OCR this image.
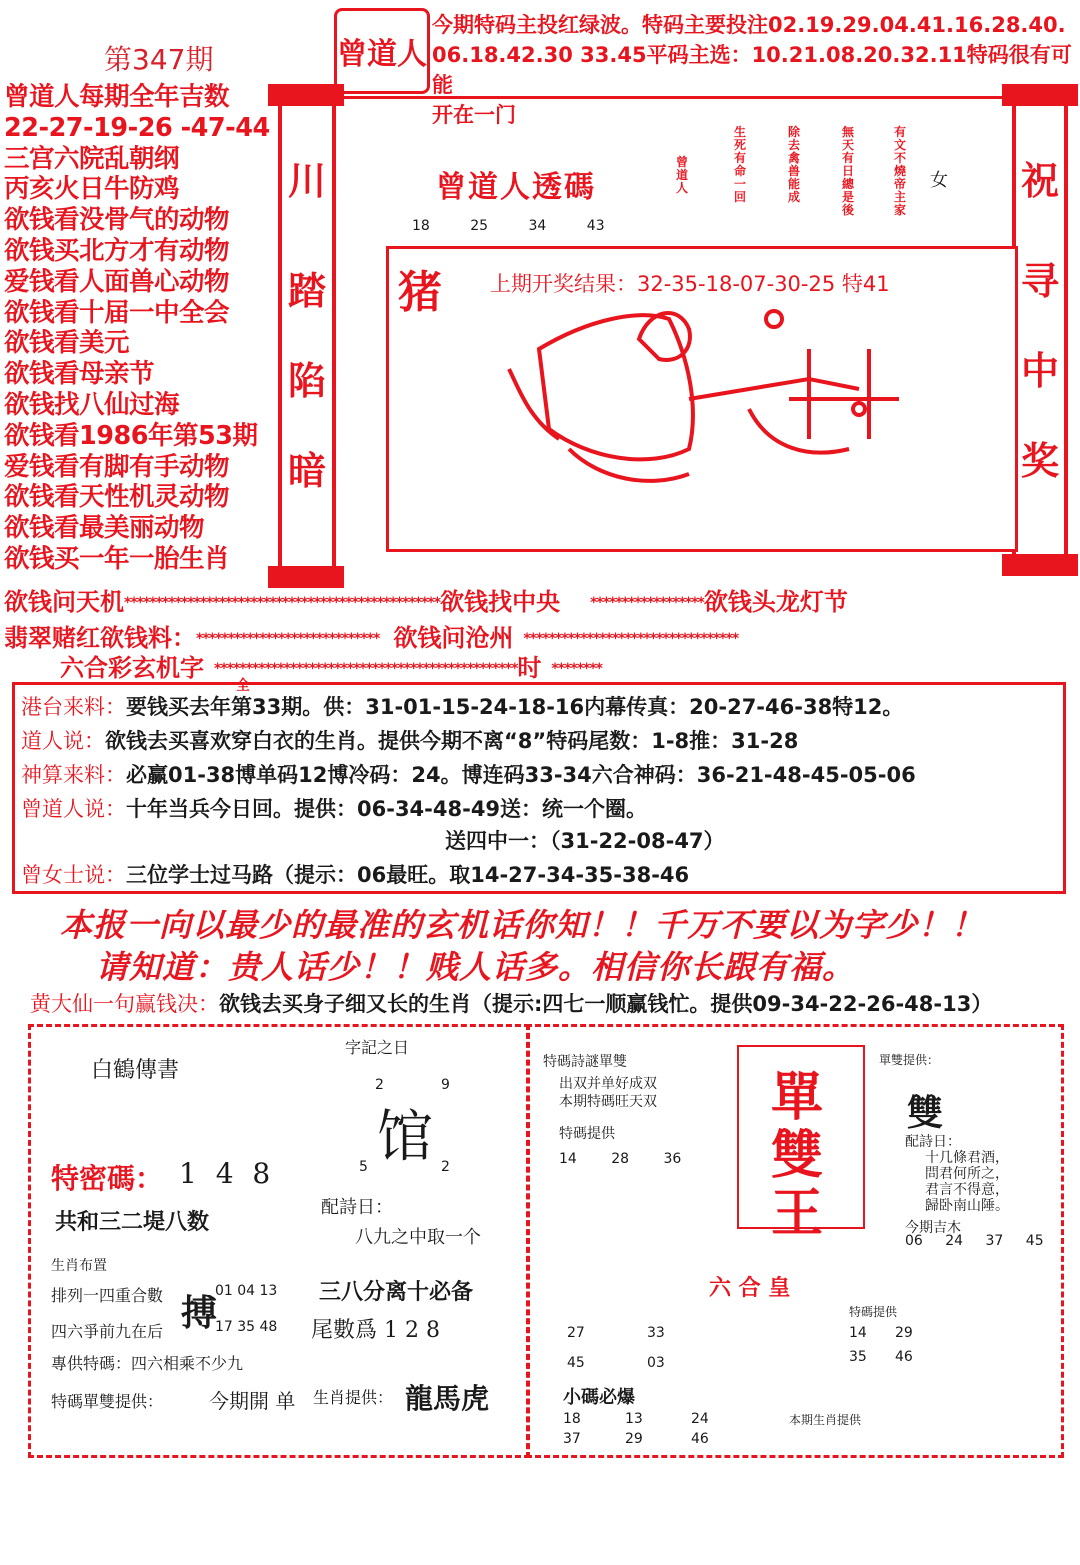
第347期	曾道人
今期特码主投红绿波。特码主要投注02.19.29.04.41.16.28.40.
06.18.42.30 33.45平码主选：10.21.08.20.32.11特码很有可能
开在一门
曾道人每期全年吉数
22-27-19-26 -47-44
三宫六院乱朝纲
丙亥火日牛防鸡
欲钱看没骨气的动物
欲钱买北方才有动物
爱钱看人面兽心动物
欲钱看十届一中全会
欲钱看美元
欲钱看母亲节
欲钱找八仙过海
欲钱看1986年第53期
爱钱看有脚有手动物
欲钱看天性机灵动物
欲钱看最美丽动物
欲钱买一年一胎生肖
川
踏
陷
暗
祝
寻
中
奖
曾道人透碼
18 25 34 43
女
曾道人
生死有命一回
除去禽兽能成
無天有日總是後
有文不燒帝主家
猪 上期开奖结果：32-35-18-07-30-25 特41
欲钱问天机**************************************************欲钱找中央 ******************欲钱头龙灯节
翡翠赌红欲钱料：***************************** 欲钱问沧州 **********************************
六合彩玄机字 ************************************************时 ********
全
港台来料：要钱买去年第33期。供：31-01-15-24-18-16内幕传真：20-27-46-38特12。
道人说：欲钱去买喜欢穿白衣的生肖。提供今期不离“8”特码尾数：1-8推：31-28
神算来料：必赢01-38博单码12博冷码：24。博连码33-34六合神码：36-21-48-45-05-06
曾道人说：十年当兵今日回。提供：06-34-48-49送：统一个圈。
送四中一：（31-22-08-47）
曾女士说：三位学士过马路（提示：06最旺。取14-27-34-35-38-46
本报一向以最少的最准的玄机话你知！！千万不要以为字少！！
请知道：贵人话少！！贱人话多。相信你长跟有福。
黄大仙一句赢钱决：欲钱去买身子细又长的生肖（提示:四七一顺赢钱忙。提供09-34-22-26-48-13）
白鶴傳書
特密碼： 1 4 8
共和三二堤八数
字記之日
2	9
馆
5	2
配詩日：
八九之中取一个
生肖布置
排列一四重合數	01 04 13
搏
四六爭前九在后	17 35 48
專供特碼：四六相乘不少九
特碼單雙提供： 今期開 单
三八分离十必备
尾數爲 1 2 8
生肖提供： 龍馬虎
特碼詩謎單雙
出双并单好成双
本期特碼旺天双
特碼提供
14 28 36
單
雙
王
單雙提供：
雙
配詩日：
十几條君酒，
問君何所之，
君言不得意，
歸卧南山陲。
今期吉木
06 24 37 45
六 合 皇
特碼提供
27	33
45	03
14 29
35 46
小碼必爆
18	13	24
37	29	46
本期生肖提供
